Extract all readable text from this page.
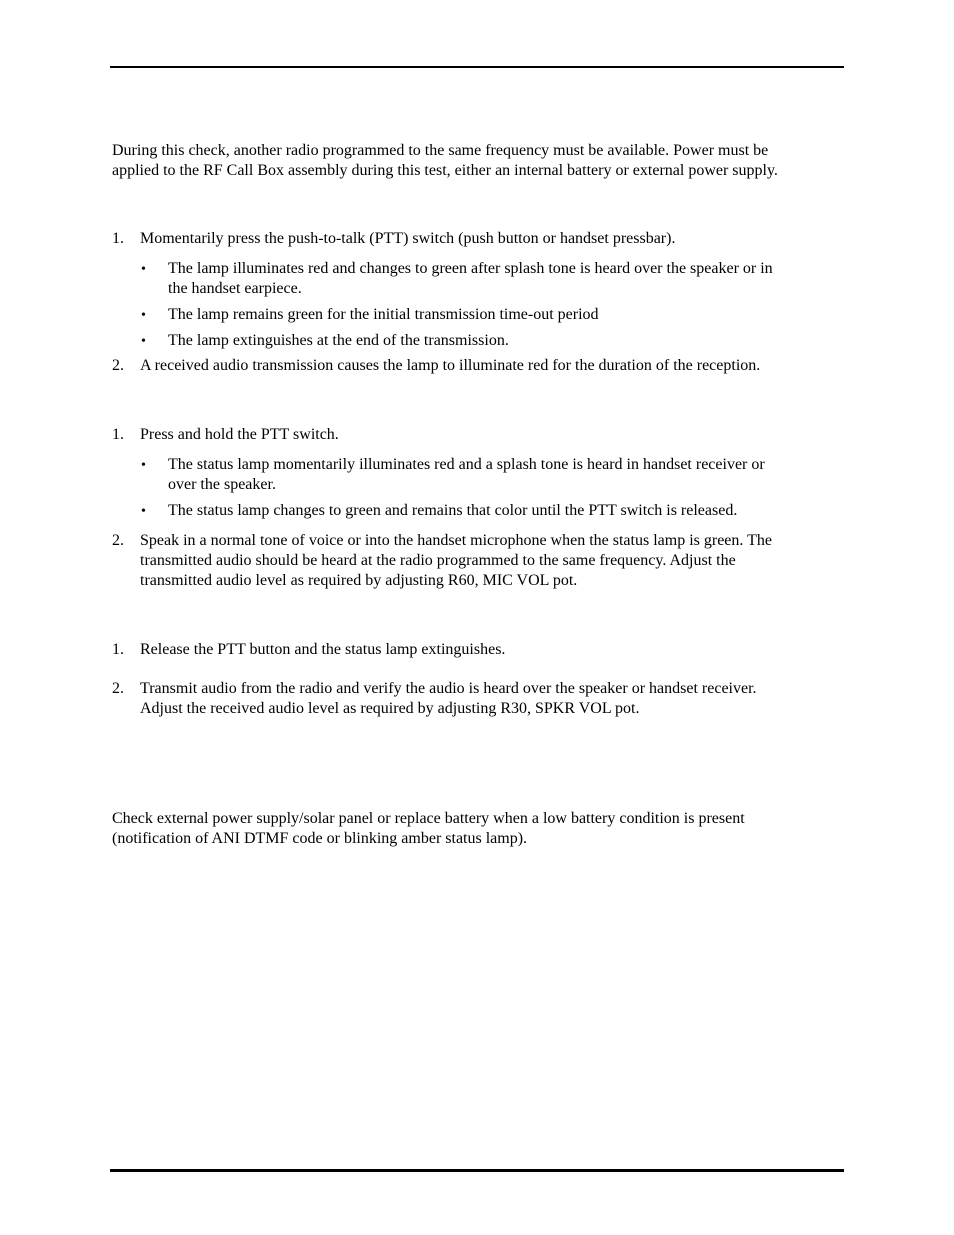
During this check, another radio programmed to the same frequency must be available. Power must be
applied to the RF Call Box assembly during this test, either an internal battery or external power supply.
1. Momentarily press the push-to-talk (PTT) switch (push button or handset pressbar).
• The lamp illuminates red and changes to green after splash tone is heard over the speaker or in
the handset earpiece.
• The lamp remains green for the initial transmission time-out period
• The lamp extinguishes at the end of the transmission.
2. A received audio transmission causes the lamp to illuminate red for the duration of the reception.
1. Press and hold the PTT switch.
• The status lamp momentarily illuminates red and a splash tone is heard in handset receiver or
over the speaker.
• The status lamp changes to green and remains that color until the PTT switch is released.
2. Speak in a normal tone of voice or into the handset microphone when the status lamp is green. The
transmitted audio should be heard at the radio programmed to the same frequency. Adjust the
transmitted audio level as required by adjusting R60, MIC VOL pot.
1. Release the PTT button and the status lamp extinguishes.
2. Transmit audio from the radio and verify the audio is heard over the speaker or handset receiver.
Adjust the received audio level as required by adjusting R30, SPKR VOL pot.
Check external power supply/solar panel or replace battery when a low battery condition is present
(notification of ANI DTMF code or blinking amber status lamp).
